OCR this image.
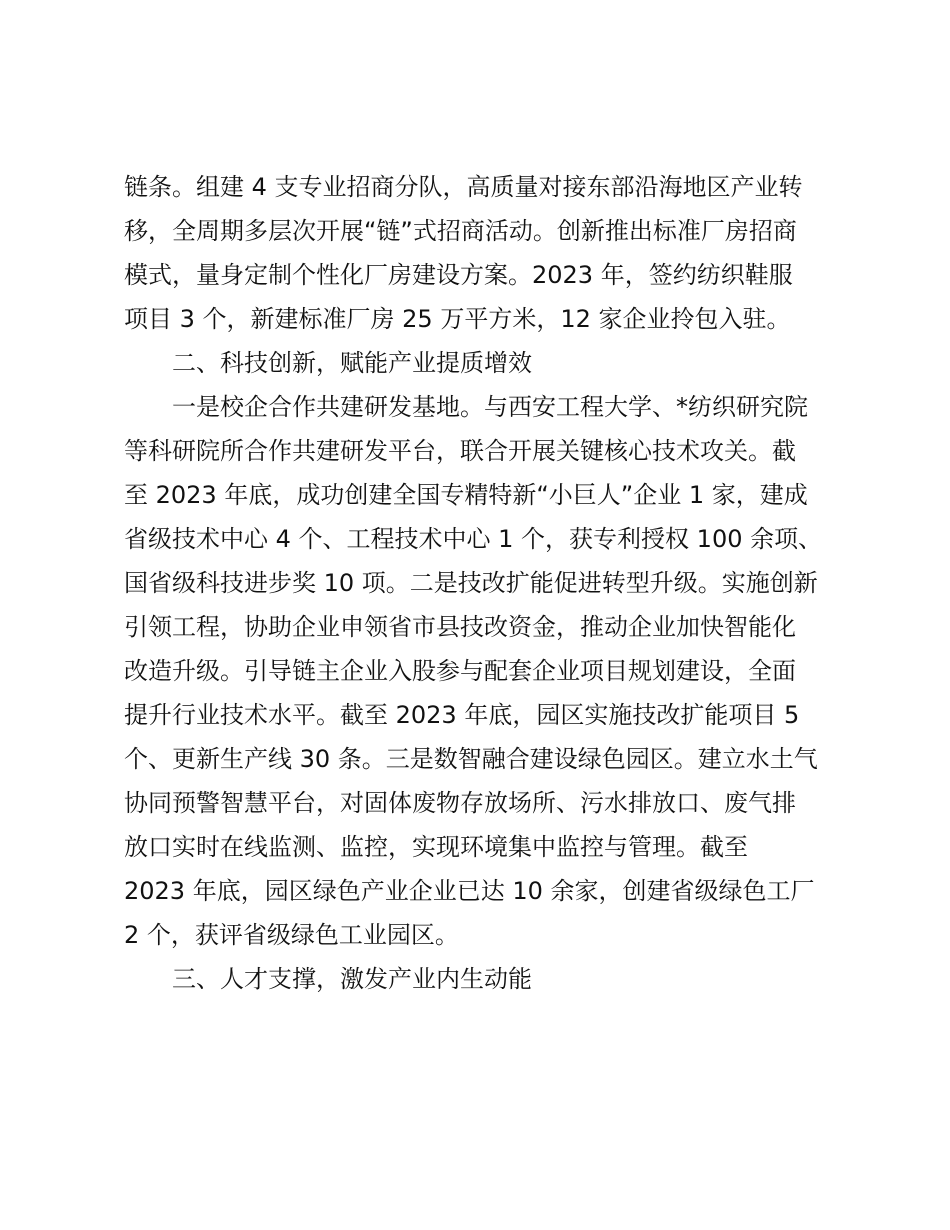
链条。组建 4 支专业招商分队，高质量对接东部沿海地区产业转
移，全周期多层次开展“链”式招商活动。创新推出标准厂房招商
模式，量身定制个性化厂房建设方案。2023 年，签约纺织鞋服
项目 3 个，新建标准厂房 25 万平方米，12 家企业拎包入驻。
二、科技创新，赋能产业提质增效
一是校企合作共建研发基地。与西安工程大学、*纺织研究院
等科研院所合作共建研发平台，联合开展关键核心技术攻关。截
至 2023 年底，成功创建全国专精特新“小巨人”企业 1 家，建成
省级技术中心 4 个、工程技术中心 1 个，获专利授权 100 余项、
国省级科技进步奖 10 项。二是技改扩能促进转型升级。实施创新
引领工程，协助企业申领省市县技改资金，推动企业加快智能化
改造升级。引导链主企业入股参与配套企业项目规划建设，全面
提升行业技术水平。截至 2023 年底，园区实施技改扩能项目 5
个、更新生产线 30 条。三是数智融合建设绿色园区。建立水土气
协同预警智慧平台，对固体废物存放场所、污水排放口、废气排
放口实时在线监测、监控，实现环境集中监控与管理。截至
2023 年底，园区绿色产业企业已达 10 余家，创建省级绿色工厂
2 个，获评省级绿色工业园区。
三、人才支撑，激发产业内生动能
